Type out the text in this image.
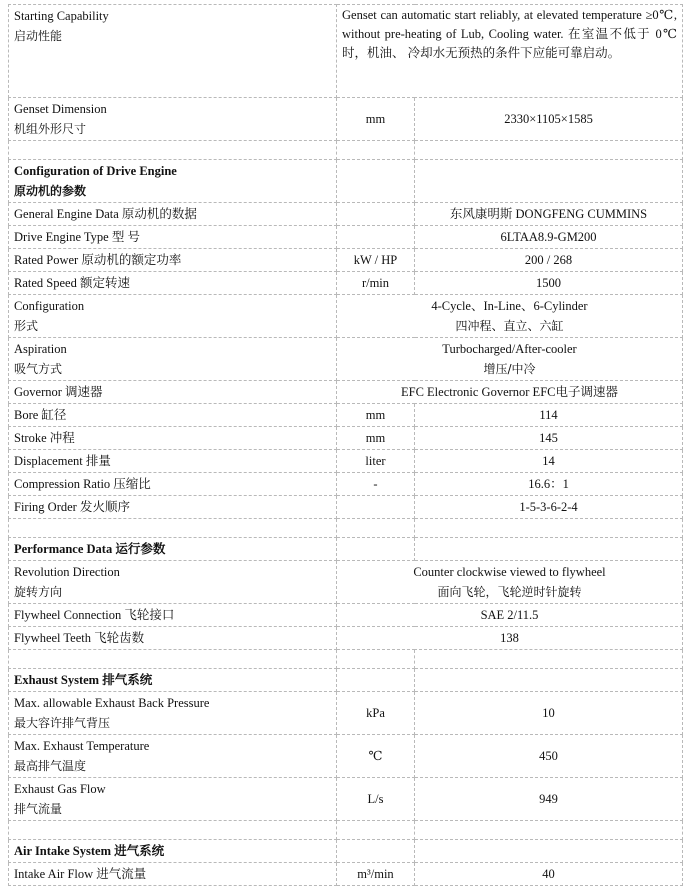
Starting Capability
启动性能	Genset can automatic start reliably, at elevated temperature ≥0℃, without pre-heating of Lub, Cooling water. 在室温不低于 0℃时，机油、 冷却水无预热的条件下应能可靠启动。	

Genset Dimension
机组外形尺寸	mm	2330×1105×1585

Configuration of Drive Engine
原动机的参数		

General Engine Data 原动机的数据		东风康明斯 DONGFENG CUMMINS
Drive Engine Type 型 号		6LTAA8.9-GM200
Rated Power 原动机的额定功率	kW / HP	200 / 268
Rated Speed 额定转速	r/min	1500

Configuration
形式	4-Cycle、In-Line、6-Cylinder
四冲程、直立、六缸	

Aspiration
吸气方式	Turbocharged/After-cooler
增压/中冷	

Governor 调速器	EFC Electronic Governor EFC电子调速器	
Bore 缸径	mm	114
Stroke 冲程	mm	145
Displacement 排量	liter	14
Compression Ratio 压缩比	-	16.6：1
Firing Order 发火顺序		1-5-3-6-2-4

Performance Data 运行参数		

Revolution Direction
旋转方向	Counter clockwise viewed to flywheel
面向飞轮，飞轮逆时针旋转	

Flywheel Connection 飞轮接口	SAE 2/11.5	
Flywheel Teeth 飞轮齿数	138	

Exhaust System 排气系统		

Max. allowable Exhaust Back Pressure
最大容许排气背压	kPa	10

Max. Exhaust Temperature
最高排气温度	℃	450

Exhaust Gas Flow
排气流量	L/s	949

Air Intake System 进气系统		
Intake Air Flow 进气流量	m³/min	40
